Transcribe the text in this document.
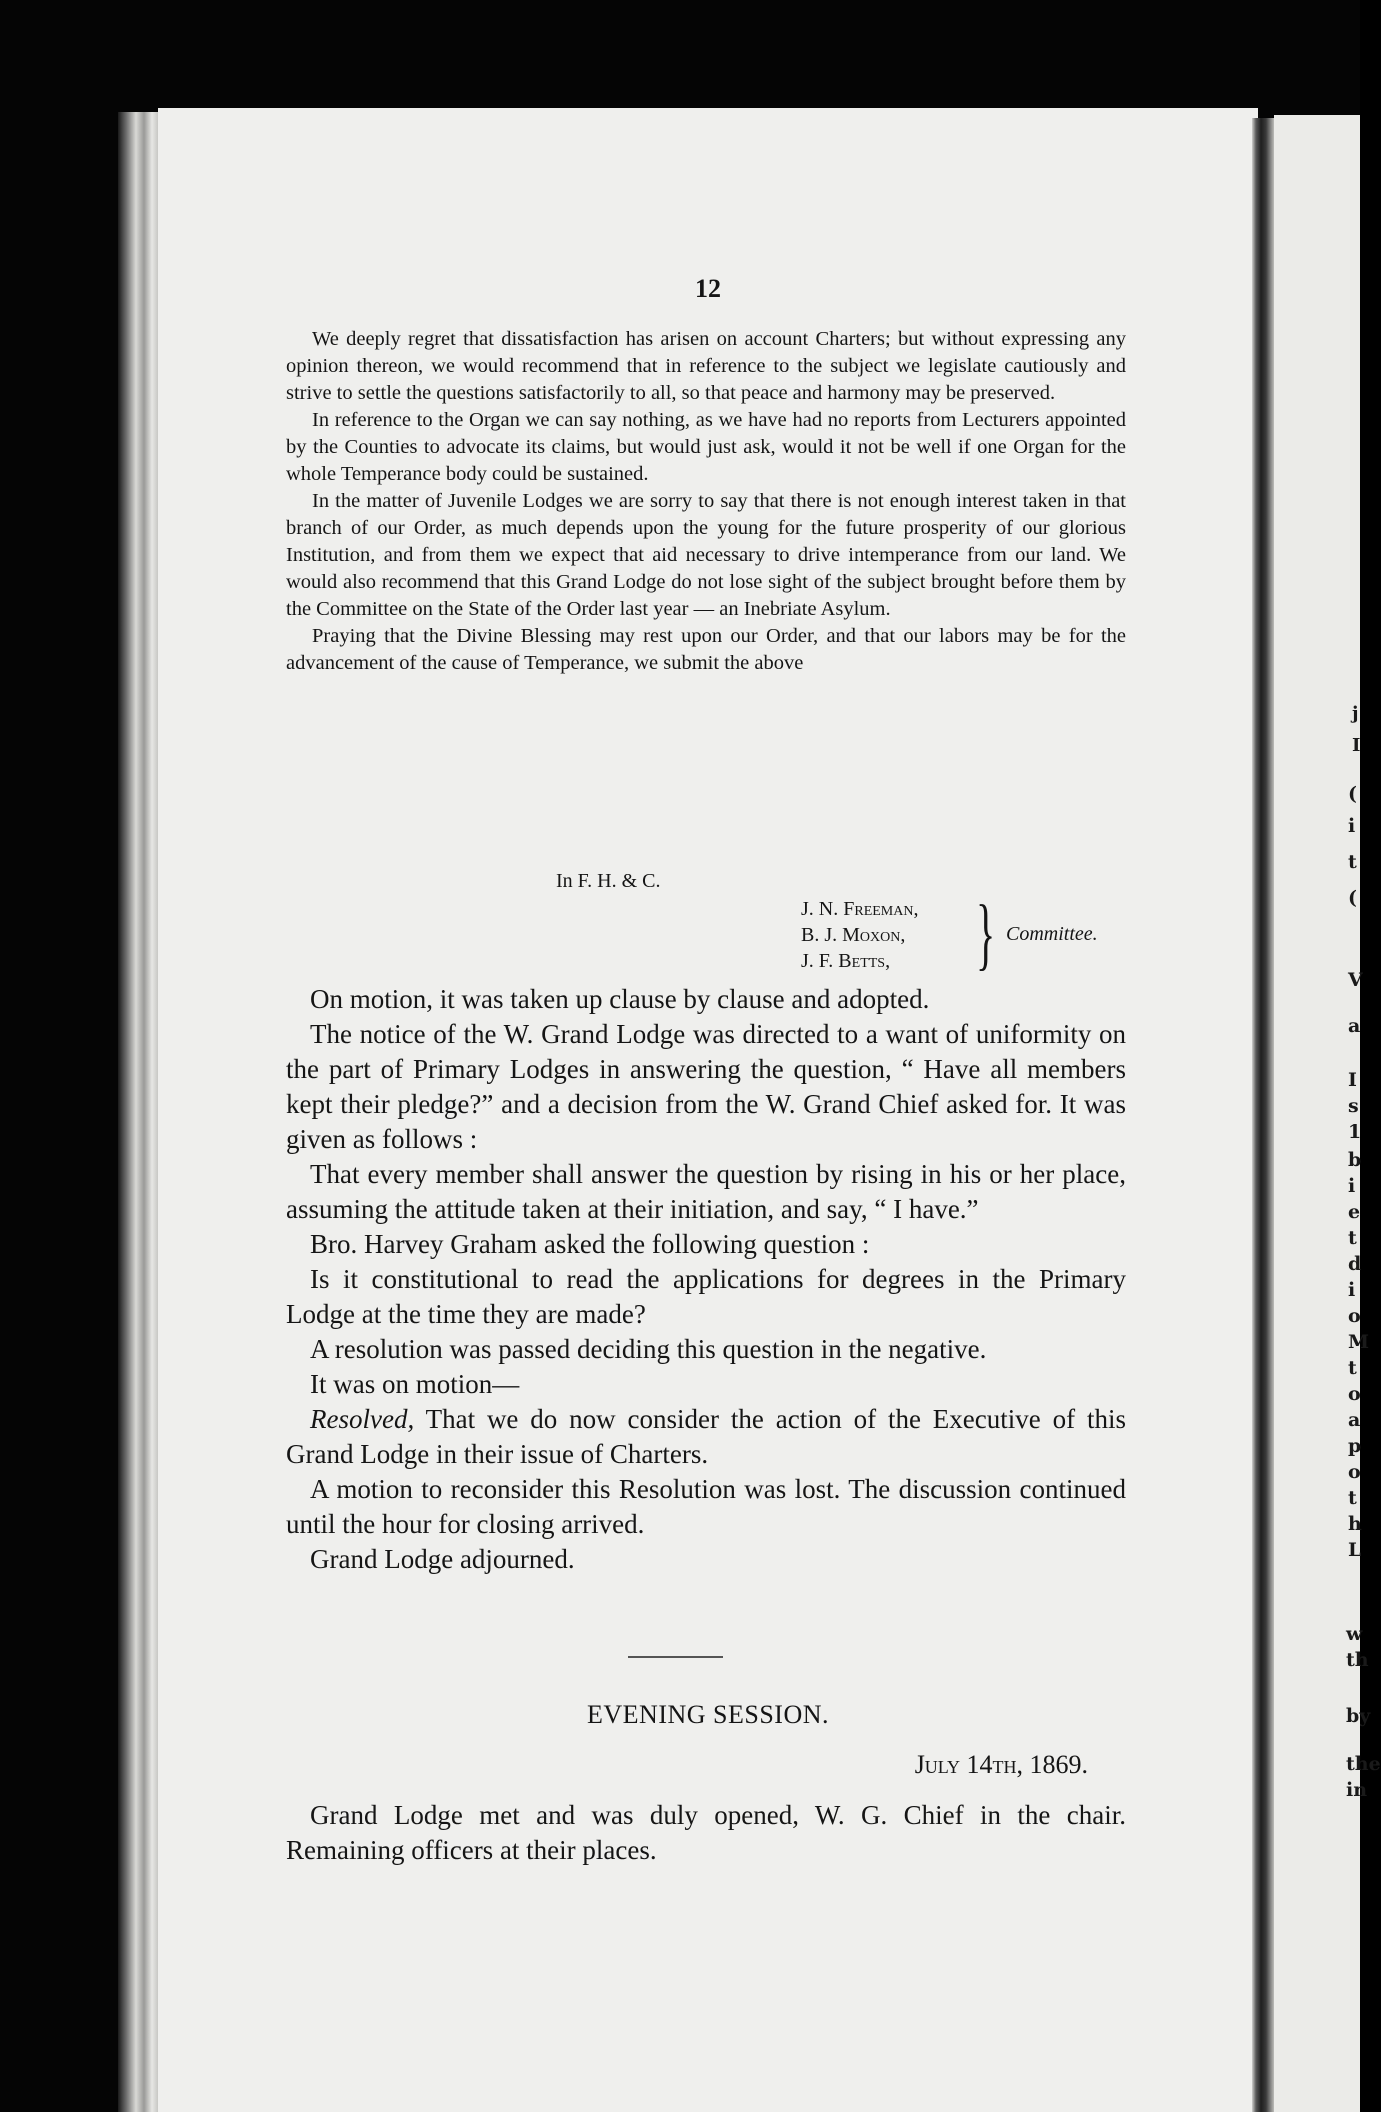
12

We deeply regret that dissatisfaction has arisen on account Charters; but without expressing any opinion thereon, we would recommend that in reference to the subject we legislate cautiously and strive to settle the questions satisfactorily to all, so that peace and harmony may be preserved.

In reference to the Organ we can say nothing, as we have had no reports from Lecturers appointed by the Counties to advocate its claims, but would just ask, would it not be well if one Organ for the whole Temperance body could be sustained.

In the matter of Juvenile Lodges we are sorry to say that there is not enough interest taken in that branch of our Order, as much depends upon the young for the future prosperity of our glorious Institution, and from them we expect that aid necessary to drive intemperance from our land. We would also recommend that this Grand Lodge do not lose sight of the subject brought before them by the Committee on the State of the Order last year — an Inebriate Asylum.

Praying that the Divine Blessing may rest upon our Order, and that our labors may be for the advancement of the cause of Temperance, we submit the above

In F. H. & C.
J. N. Freeman,
B. J. Moxon,
J. F. Betts,	} Committee.

On motion, it was taken up clause by clause and adopted.

The notice of the W. Grand Lodge was directed to a want of uniformity on the part of Primary Lodges in answering the question, “ Have all members kept their pledge?” and a decision from the W. Grand Chief asked for. It was given as follows :

That every member shall answer the question by rising in his or her place, assuming the attitude taken at their initiation, and say, “ I have.”

Bro. Harvey Graham asked the following question :

Is it constitutional to read the applications for degrees in the Primary Lodge at the time they are made?

A resolution was passed deciding this question in the negative.

It was on motion—

Resolved, That we do now consider the action of the Executive of this Grand Lodge in their issue of Charters.

A motion to reconsider this Resolution was lost. The discussion continued until the hour for closing arrived.

Grand Lodge adjourned.

EVENING SESSION.
July 14th, 1869.

Grand Lodge met and was duly opened, W. G. Chief in the chair. Remaining officers at their places.

j
I
(
i
t
(
V
a
I
s
1
b
i
e
t
d
i
o
M
t
o
a
p
o
t
h
L
w
th
by
the
in
